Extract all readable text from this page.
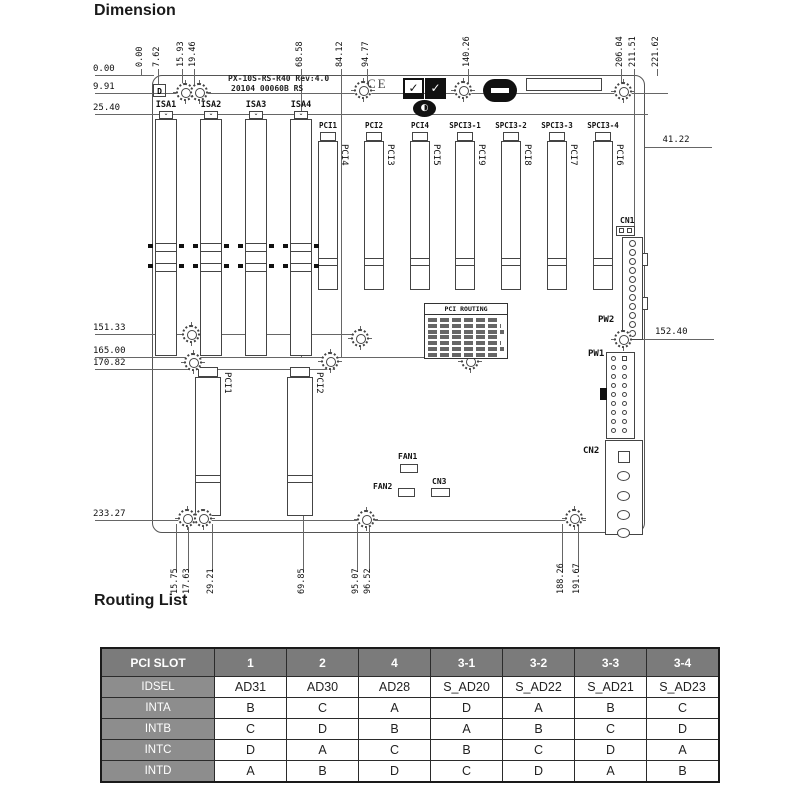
Dimension
PX-10S-RS-R40 Rev:4.0
20104 00060B RS
D
CE	✓ ✓
◐
PCI ROUTING
Routing List
PCI SLOT	1	2	4	3-1	3-2	3-3	3-4
IDSEL	AD31	AD30	AD28	S_AD20	S_AD22	S_AD21	S_AD23
INTA	B	C	A	D	A	B	C
INTB	C	D	B	A	B	C	D
INTC	D	A	C	B	C	D	A
INTD	A	B	D	C	D	A	B
0.00 7.62 15.93 19.46	68.58	84.12 94.77	140.26	206.04 211.51 221.62
0.00
9.91
25.40
151.33
165.00
170.82
233.27
41.22
152.40
15.75 17.63 29.21	69.85	95.07 96.52	188.26 191.67
ISA1
⌄
ISA2
⌄
ISA3
⌄
ISA4
⌄
PCI1
PCI4
PCI2
PCI3
PCI4
PCI5
SPCI3-1
PCI9
SPCI3-2
PCI8
SPCI3-3
PCI7
SPCI3-4
PCI6
PCI1	PCI2
CN1
PW2
PW1
CN2
FAN1
FAN2
CN3
